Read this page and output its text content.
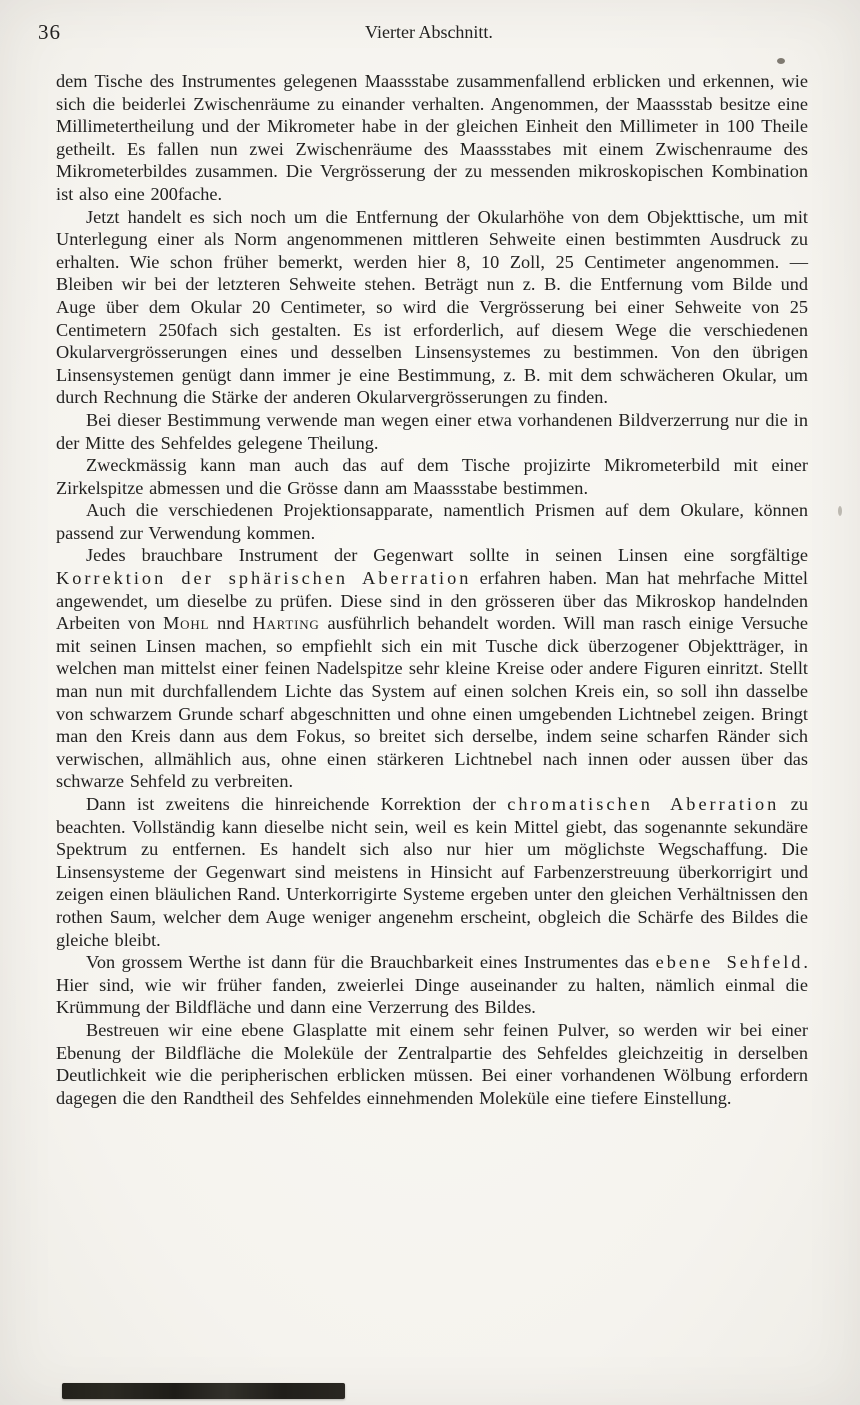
36	Vierter Abschnitt.

dem Tische des Instrumentes gelegenen Maassstabe zusammenfallend erblicken und erkennen, wie sich die beiderlei Zwischenräume zu einander verhalten. Angenommen, der Maassstab besitze eine Millimetertheilung und der Mikrometer habe in der gleichen Einheit den Millimeter in 100 Theile getheilt. Es fallen nun zwei Zwischenräume des Maassstabes mit einem Zwischenraume des Mikrometerbildes zusammen. Die Vergrösserung der zu messenden mikroskopischen Kombination ist also eine 200fache.

Jetzt handelt es sich noch um die Entfernung der Okularhöhe von dem Objekttische, um mit Unterlegung einer als Norm angenommenen mittleren Sehweite einen bestimmten Ausdruck zu erhalten. Wie schon früher bemerkt, werden hier 8, 10 Zoll, 25 Centimeter angenommen. — Bleiben wir bei der letzteren Sehweite stehen. Beträgt nun z. B. die Entfernung vom Bilde und Auge über dem Okular 20 Centimeter, so wird die Vergrösserung bei einer Sehweite von 25 Centimetern 250fach sich gestalten. Es ist erforderlich, auf diesem Wege die verschiedenen Okularvergrösserungen eines und desselben Linsensystemes zu bestimmen. Von den übrigen Linsensystemen genügt dann immer je eine Bestimmung, z. B. mit dem schwächeren Okular, um durch Rechnung die Stärke der anderen Okularvergrösserungen zu finden.

Bei dieser Bestimmung verwende man wegen einer etwa vorhandenen Bildverzerrung nur die in der Mitte des Sehfeldes gelegene Theilung.

Zweckmässig kann man auch das auf dem Tische projizirte Mikrometerbild mit einer Zirkelspitze abmessen und die Grösse dann am Maassstabe bestimmen.

Auch die verschiedenen Projektionsapparate, namentlich Prismen auf dem Okulare, können passend zur Verwendung kommen.

Jedes brauchbare Instrument der Gegenwart sollte in seinen Linsen eine sorgfältige Korrektion der sphärischen Aberration erfahren haben. Man hat mehrfache Mittel angewendet, um dieselbe zu prüfen. Diese sind in den grösseren über das Mikroskop handelnden Arbeiten von Mohl nnd Harting ausführlich behandelt worden. Will man rasch einige Versuche mit seinen Linsen machen, so empfiehlt sich ein mit Tusche dick überzogener Objektträger, in welchen man mittelst einer feinen Nadelspitze sehr kleine Kreise oder andere Figuren einritzt. Stellt man nun mit durchfallendem Lichte das System auf einen solchen Kreis ein, so soll ihn dasselbe von schwarzem Grunde scharf abgeschnitten und ohne einen umgebenden Lichtnebel zeigen. Bringt man den Kreis dann aus dem Fokus, so breitet sich derselbe, indem seine scharfen Ränder sich verwischen, allmählich aus, ohne einen stärkeren Lichtnebel nach innen oder aussen über das schwarze Sehfeld zu verbreiten.

Dann ist zweitens die hinreichende Korrektion der chromatischen Aberration zu beachten. Vollständig kann dieselbe nicht sein, weil es kein Mittel giebt, das sogenannte sekundäre Spektrum zu entfernen. Es handelt sich also nur hier um möglichste Wegschaffung. Die Linsensysteme der Gegenwart sind meistens in Hinsicht auf Farbenzerstreuung überkorrigirt und zeigen einen bläulichen Rand. Unterkorrigirte Systeme ergeben unter den gleichen Verhältnissen den rothen Saum, welcher dem Auge weniger angenehm erscheint, obgleich die Schärfe des Bildes die gleiche bleibt.

Von grossem Werthe ist dann für die Brauchbarkeit eines Instrumentes das ebene Sehfeld. Hier sind, wie wir früher fanden, zweierlei Dinge auseinander zu halten, nämlich einmal die Krümmung der Bildfläche und dann eine Verzerrung des Bildes.

Bestreuen wir eine ebene Glasplatte mit einem sehr feinen Pulver, so werden wir bei einer Ebenung der Bildfläche die Moleküle der Zentralpartie des Sehfeldes gleichzeitig in derselben Deutlichkeit wie die peripherischen erblicken müssen. Bei einer vorhandenen Wölbung erfordern dagegen die den Randtheil des Sehfeldes einnehmenden Moleküle eine tiefere Einstellung.
